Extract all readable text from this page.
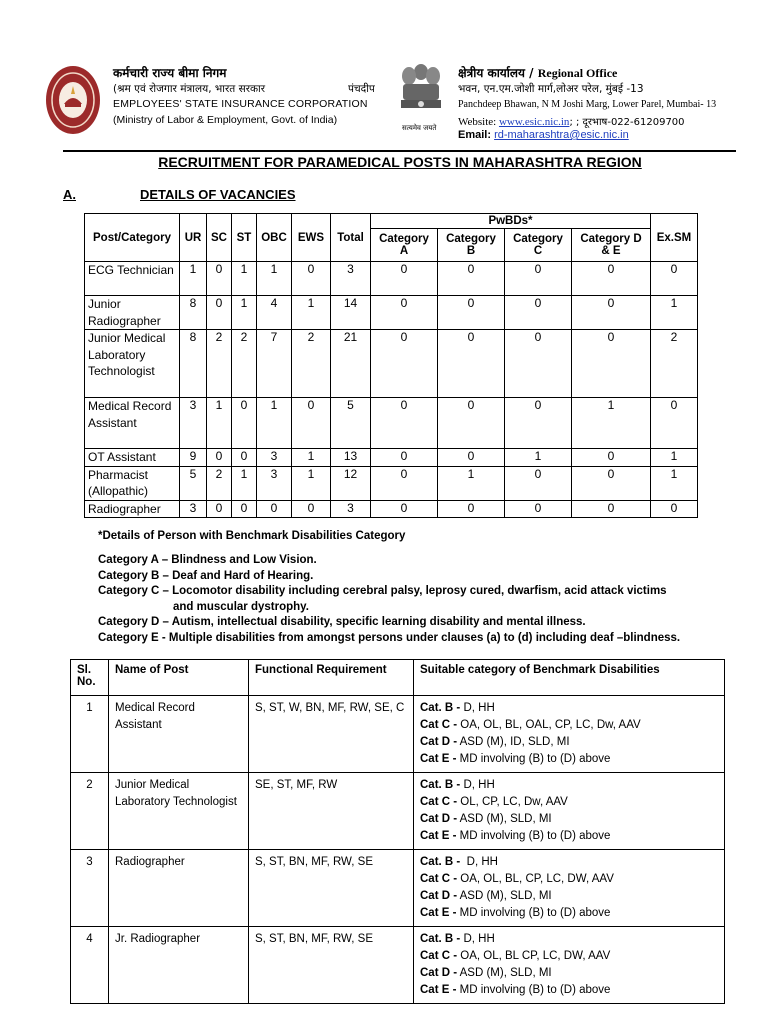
सत्यमेव जयते
कर्मचारी राज्य बीमा निगम
(श्रम एवं रोजगार मंत्रालय, भारत सरकार	पंचदीप
EMPLOYEES' STATE INSURANCE CORPORATION
(Ministry of Labor & Employment, Govt. of India)
क्षेत्रीय कार्यालय / Regional Office
भवन, एन.एम.जोशी मार्ग,लोअर परेल, मुंबई -13
Panchdeep Bhawan, N M Joshi Marg, Lower Parel, Mumbai- 13
Website: www.esic.nic.in; ; दूरभाष-022-61209700
Email: rd-maharashtra@esic.nic.in
RECRUITMENT FOR PARAMEDICAL POSTS IN MAHARASHTRA REGION
A.	DETAILS OF VACANCIES
Post/Category	UR	SC	ST	OBC	EWS	Total	PwBDs*				Ex.SM
							Category A	Category B	Category C	Category D & E	
ECG Technician	1	0	1	1	0	3	0	0	0	0	0
Junior Radiographer	8	0	1	4	1	14	0	0	0	0	1
Junior Medical Laboratory Technologist	8	2	2	7	2	21	0	0	0	0	2
Medical Record Assistant	3	1	0	1	0	5	0	0	0	1	0
OT Assistant	9	0	0	3	1	13	0	0	1	0	1
Pharmacist (Allopathic)	5	2	1	3	1	12	0	1	0	0	1
Radiographer	3	0	0	0	0	3	0	0	0	0	0
*Details of Person with Benchmark Disabilities Category
Category A – Blindness and Low Vision.
Category B – Deaf and Hard of Hearing.
Category C – Locomotor disability including cerebral palsy, leprosy cured, dwarfism, acid attack victims
and muscular dystrophy.
Category D – Autism, intellectual disability, specific learning disability and mental illness.
Category E - Multiple disabilities from amongst persons under clauses (a) to (d) including deaf –blindness.
Sl. No.	Name of Post	Functional Requirement	Suitable category of Benchmark Disabilities
1	Medical Record Assistant	S, ST, W, BN, MF, RW, SE, C	Cat. B - D, HH
Cat C - OA, OL, BL, OAL, CP, LC, Dw, AAV
Cat D - ASD (M), ID, SLD, MI
Cat E - MD involving (B) to (D) above

2	Junior Medical Laboratory Technologist	SE, ST, MF, RW	Cat. B - D, HH
Cat C - OL, CP, LC, Dw, AAV
Cat D - ASD (M), SLD, MI
Cat E - MD involving (B) to (D) above

3	Radiographer	S, ST, BN, MF, RW, SE	Cat. B -  D, HH
Cat C - OA, OL, BL, CP, LC, DW, AAV
Cat D - ASD (M), SLD, MI
Cat E - MD involving (B) to (D) above

4	Jr. Radiographer	S, ST, BN, MF, RW, SE	Cat. B - D, HH
Cat C - OA, OL, BL CP, LC, DW, AAV
Cat D - ASD (M), SLD, MI
Cat E - MD involving (B) to (D) above
